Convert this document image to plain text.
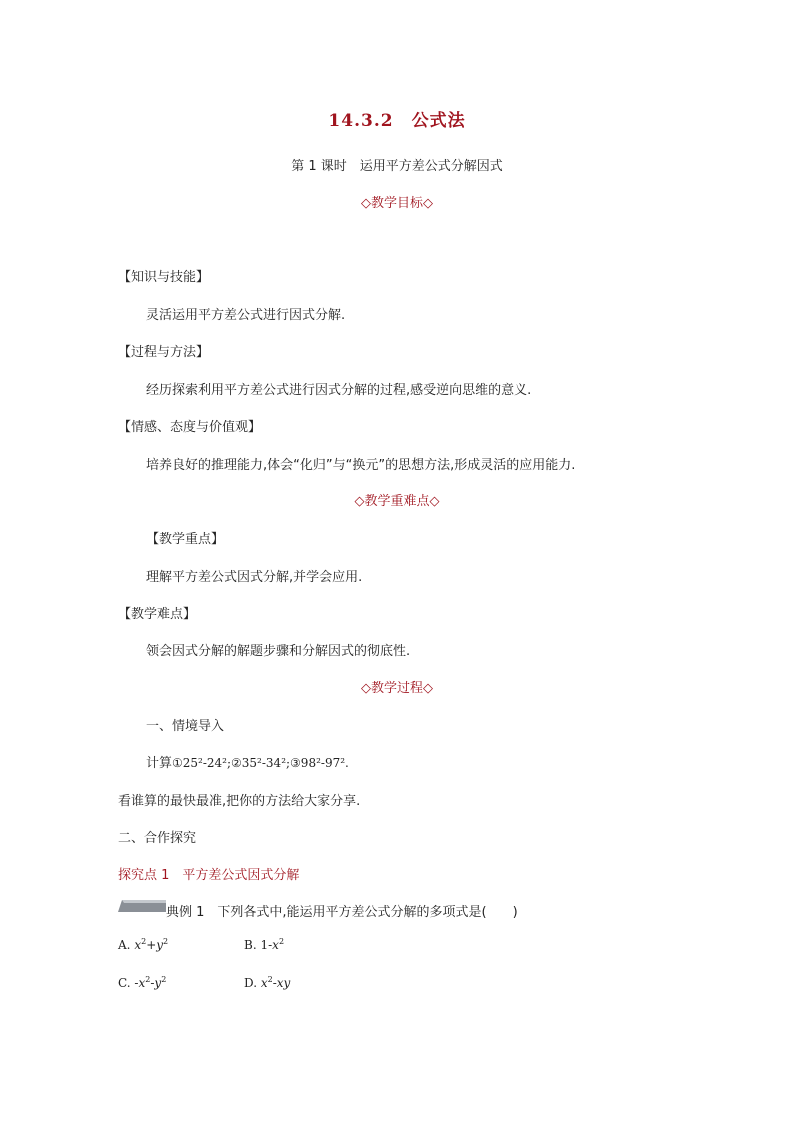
14.3.2　公式法
第 1 课时　运用平方差公式分解因式
◇教学目标◇
【知识与技能】
灵活运用平方差公式进行因式分解.
【过程与方法】
经历探索利用平方差公式进行因式分解的过程,感受逆向思维的意义.
【情感、态度与价值观】
培养良好的推理能力,体会“化归”与“换元”的思想方法,形成灵活的应用能力.
◇教学重难点◇
【教学重点】
理解平方差公式因式分解,并学会应用.
【教学难点】
领会因式分解的解题步骤和分解因式的彻底性.
◇教学过程◇
一、情境导入
计算①25²-24²;②35²-34²;③98²-97².
看谁算的最快最准,把你的方法给大家分享.
二、合作探究
探究点 1　平方差公式因式分解
典例 1　下列各式中,能运用平方差公式分解的多项式是(　　)
A. $x^2+y^2$	B. $1-x^2$
C. $-x^2-y^2$	D. $x^2-xy$
